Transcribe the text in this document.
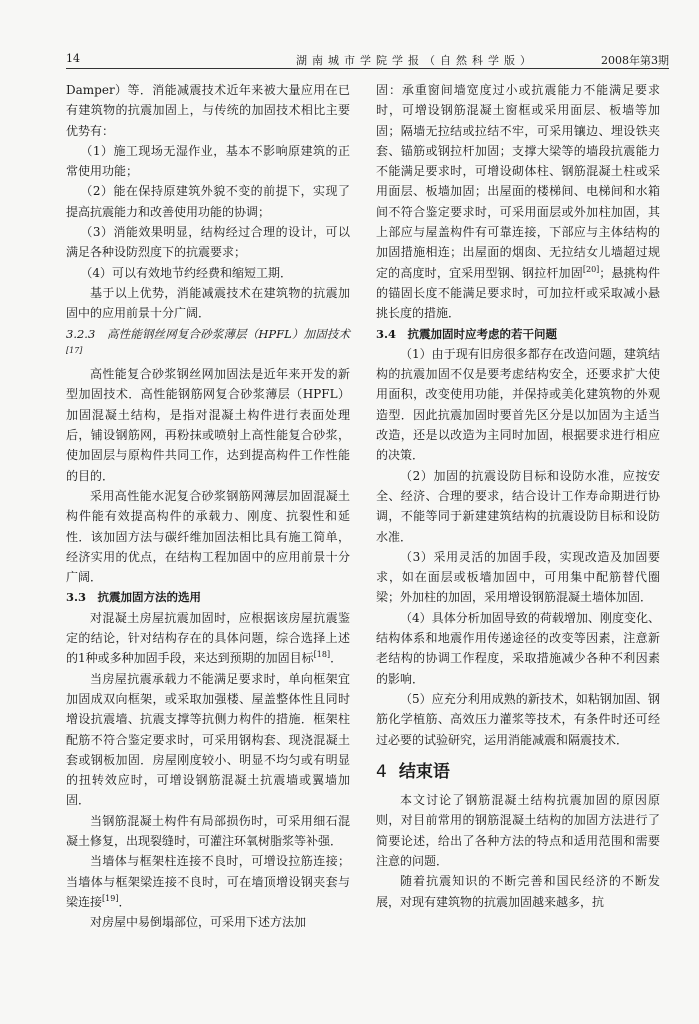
14	湖南城市学院学报（自然科学版）	2008年第3期

Damper）等．消能减震技术近年来被大量应用在已有建筑物的抗震加固上，与传统的加固技术相比主要优势有：

（1）施工现场无湿作业，基本不影响原建筑的正常使用功能；

（2）能在保持原建筑外貌不变的前提下，实现了提高抗震能力和改善使用功能的协调；

（3）消能效果明显，结构经过合理的设计，可以满足各种设防烈度下的抗震要求；

（4）可以有效地节约经费和缩短工期．

基于以上优势，消能减震技术在建筑物的抗震加固中的应用前景十分广阔．

3.2.3　高性能钢丝网复合砂浆薄层（HPFL）加固技术[17]

高性能复合砂浆钢丝网加固法是近年来开发的新型加固技术．高性能钢筋网复合砂浆薄层（HPFL）加固混凝土结构，是指对混凝土构件进行表面处理后，铺设钢筋网，再粉抹或喷射上高性能复合砂浆，使加固层与原构件共同工作，达到提高构件工作性能的目的．

采用高性能水泥复合砂浆钢筋网薄层加固混凝土构件能有效提高构件的承载力、刚度、抗裂性和延性．该加固方法与碳纤维加固法相比具有施工简单，经济实用的优点，在结构工程加固中的应用前景十分广阔．

3.3　抗震加固方法的选用

对混凝土房屋抗震加固时，应根据该房屋抗震鉴定的结论，针对结构存在的具体问题，综合选择上述的1种或多种加固手段，来达到预期的加固目标[18]．

当房屋抗震承载力不能满足要求时，单向框架宜加固成双向框架，或采取加强楼、屋盖整体性且同时增设抗震墙、抗震支撑等抗侧力构件的措施．框架柱配筋不符合鉴定要求时，可采用钢构套、现浇混凝土套或钢板加固．房屋刚度较小、明显不均匀或有明显的扭转效应时，可增设钢筋混凝土抗震墙或翼墙加固．

当钢筋混凝土构件有局部损伤时，可采用细石混凝土修复，出现裂缝时，可灌注环氧树脂浆等补强．

当墙体与框架柱连接不良时，可增设拉筋连接；当墙体与框架梁连接不良时，可在墙顶增设钢夹套与梁连接[19]．

对房屋中易倒塌部位，可采用下述方法加

固：承重窗间墙宽度过小或抗震能力不能满足要求时，可增设钢筋混凝土窗框或采用面层、板墙等加固；隔墙无拉结或拉结不牢，可采用镶边、埋设铁夹套、锚筋或钢拉杆加固；支撑大梁等的墙段抗震能力不能满足要求时，可增设砌体柱、钢筋混凝土柱或采用面层、板墙加固；出屋面的楼梯间、电梯间和水箱间不符合鉴定要求时，可采用面层或外加柱加固，其上部应与屋盖构件有可靠连接，下部应与主体结构的加固措施相连；出屋面的烟囱、无拉结女儿墙超过规定的高度时，宜采用型钢、钢拉杆加固[20]；悬挑构件的锚固长度不能满足要求时，可加拉杆或采取减小悬挑长度的措施．

3.4　抗震加固时应考虑的若干问题

（1）由于现有旧房很多都存在改造问题，建筑结构的抗震加固不仅是要考虑结构安全，还要求扩大使用面积，改变使用功能，并保持或美化建筑物的外观造型．因此抗震加固时要首先区分是以加固为主适当改造，还是以改造为主同时加固，根据要求进行相应的决策．

（2）加固的抗震设防目标和设防水准，应按安全、经济、合理的要求，结合设计工作寿命期进行协调，不能等同于新建建筑结构的抗震设防目标和设防水准．

（3）采用灵活的加固手段，实现改造及加固要求，如在面层或板墙加固中，可用集中配筋替代圈梁；外加柱的加固，采用增设钢筋混凝土墙体加固．

（4）具体分析加固导致的荷载增加、刚度变化、结构体系和地震作用传递途径的改变等因素，注意新老结构的协调工作程度，采取措施减少各种不利因素的影响．

（5）应充分利用成熟的新技术，如粘钢加固、钢筋化学植筋、高效压力灌浆等技术，有条件时还可经过必要的试验研究，运用消能减震和隔震技术．

4 结束语

本文讨论了钢筋混凝土结构抗震加固的原因原则，对目前常用的钢筋混凝土结构的加固方法进行了简要论述，给出了各种方法的特点和适用范围和需要注意的问题．

随着抗震知识的不断完善和国民经济的不断发展，对现有建筑物的抗震加固越来越多，抗
